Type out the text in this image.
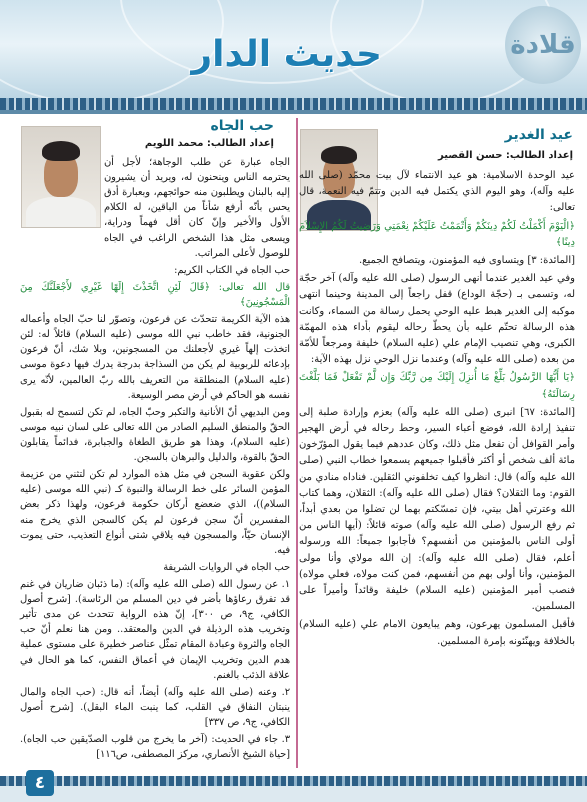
حديث الدار	قلادة
عيد الغدير
إعداد الطالب: حسن القصير

عيد الوحدة الاسلامية: هو عيد الانتماء لآل بيت محمّد (صلى الله عليه وآله)، وهو اليوم الذي يكتمل فيه الدين وتتمّ فيه النعمة، قال تعالى:

﴿الْيَوْمَ أَكْمَلْتُ لَكُمْ دِينَكُمْ وَأَتْمَمْتُ عَلَيْكُمْ نِعْمَتِي وَرَضِيتُ لَكُمُ الإِسْلاَمَ دِينًا﴾

[المائدة: ٣] ويتساوى فيه المؤمنون، ويتصافح الجميع.

وفي عيد الغدير عندما أنهى الرسول (صلى الله عليه وآله) آخر حجّة له، وتسمى بـ (حجّة الوداع) قفل راجعاً إلى المدينة وحينما انتهى موكبه إلى الغدير هبط عليه الوحي يحمل رسالة من السماء، وكانت هذه الرسالة تحتّم عليه بأن يحطّ رحاله ليقوم بأداء هذه المهمّة الكبرى، وهي تنصيب الإمام علي (عليه السلام) خليفة ومرجعاً للأمّة من بعده (صلى الله عليه وآله) وعندما نزل الوحي نزل بهذه الآية:

﴿يَا أَيُّهَا الرَّسُولُ بَلِّغْ مَا أُنزِلَ إِلَيْكَ مِن رَّبِّكَ وَإِن لَّمْ تَفْعَلْ فَمَا بَلَّغْتَ رِسَالَتَهُ﴾

[المائدة: ٦٧] انبرى (صلى الله عليه وآله) بعزم وإرادة صلبة إلى تنفيذ إرادة الله، فوضع أعباء السير، وحط رحاله في أرض الهجير وأمر القوافل أن تفعل مثل ذلك، وكان عددهم فيما يقول المؤرّخون مائة ألف شخص أو أكثر فأقبلوا جميعهم يسمعوا خطاب النبي (صلى الله عليه وآله) قال: انظروا كيف تخلفوني الثقلين. فناداه منادي من القوم: وما الثقلان؟ فقال (صلى الله عليه وآله): الثقلان، وهما كتاب الله وعترتي أهل بيتي، فإن تمسّكتم بهما لن تضلوا من بعدي أبداً، ثم رفع الرسول (صلى الله عليه وآله) صوته قائلاً: (أيها الناس من أولى الناس بالمؤمنين من أنفسهم؟ فأجابوا جميعاً: الله ورسوله أعلم، فقال (صلى الله عليه وآله): إن الله مولاي وأنا مولى المؤمنين، وأنا أولى بهم من أنفسهم، فمن كنت مولاه، فعلي مولاه) فنصب أمير المؤمنين (عليه السلام) خليفة وقائداً وأميراً على المسلمين.

فأقبل المسلمون يهرعون، وهم يبايعون الامام علي (عليه السلام) بالخلافة ويهنّئونه بإمرة المسلمين.

حب الجاه
إعداد الطالب: محمد اللويم

الجاه عبارة عن طلب الوجاهة؛ لأجل أن يحترمه الناس وينحنون له، ويريد أن يشيرون إليه بالبنان ويطلبون منه حوائجهم، وبعبارة أدق يحس بأنّه أرفع شأناً من الباقين، له الكلام الأول والأخير وإنّ كان أقل فهماً ودراية، ويسعى مثل هذا الشخص الراغب في الجاه للوصول لأعلى المراتب.

حب الجاه في الكتاب الكريم:

قال الله تعالى: ﴿قَالَ لَئِنِ اتَّخَذْتَ إِلَهًا غَيْرِي لأَجْعَلَنَّكَ مِنَ الْمَسْجُونِينَ﴾

هذه الآية الكريمة تتحدّث عن فرعون، وتصوّر لنا حبّ الجاه وأعماله الجنونية، فقد خاطب نبي الله موسى (عليه السلام) قائلاً له: لئن اتخذت إلهاً غيري لأجعلنك من المسجونين، وبلا شك، أنّ فرعون بإدعائه للربوبية لم يكن من السذاجة بدرجة يدرك فيها دعوة موسى (عليه السلام) المنطلقة من التعريف بالله ربّ العالمين، لأنّه يرى نفسه هو الحاكم في أرض مصر الوسيعة.

ومن البديهي أنّ الأنانية والتكبر وحبّ الجاه، لم تكن لتسمح له بقبول الحقّ والمنطق السليم الصادر من الله تعالى على لسان نبيه موسى (عليه السلام)، وهذا هو طريق الطغاة والجبابرة، فدائماً يقابلون الحقّ بالقوة، والدليل والبرهان بالسجن.

ولكن عقوبة السجن في مثل هذه الموارد لم تكن لتثني من عزيمة المؤمن السائر على خط الرسالة والنبوة كـ (نبي الله موسى (عليه السلام))، الذي ضعضع أركان حكومة فرعون، ولهذا ذكر بعض المفسرين أنّ سجن فرعون لم يكن كالسجن الذي يخرج منه الإنسان حيّاً، والمسجون فيه يلاقي شتى أنواع التعذيب، حتى يموت فيه.

حب الجاه في الروايات الشريفة

١. عن رسول الله (صلى الله عليه وآله): (ما ذئبان ضاريان في غنم قد تفرق رعاؤها بأضر في دين المسلم من الرئاسة). [شرح أصول الكافي، ج٩، ص ٣٠٠]، إنّ هذه الرواية تتحدث عن مدى تأثير وتخريب هذه الرذيلة في الدين والمعتقد.. ومن هنا نعلم أنّ حب الجاه والثروة وعبادة المقام تمثّل عناصر خطيرة على مستوى عملية هدم الدين وتخريب الإيمان في أعماق النفس، كما هو الحال في علاقة الذئب بالغنم.

٢. وعنه (صلى الله عليه وآله) أيضاً، أنه قال: (حب الجاه والمال ينبتان النفاق في القلب، كما ينبت الماء البقل). [شرح أصول الكافي، ج٩، ص ٣٣٧]

٣. جاء في الحديث: (آخر ما يخرج من قلوب الصدّيقين حب الجاه). [حياة الشيخ الأنصاري، مركز المصطفى، ص١١٦]

٤
